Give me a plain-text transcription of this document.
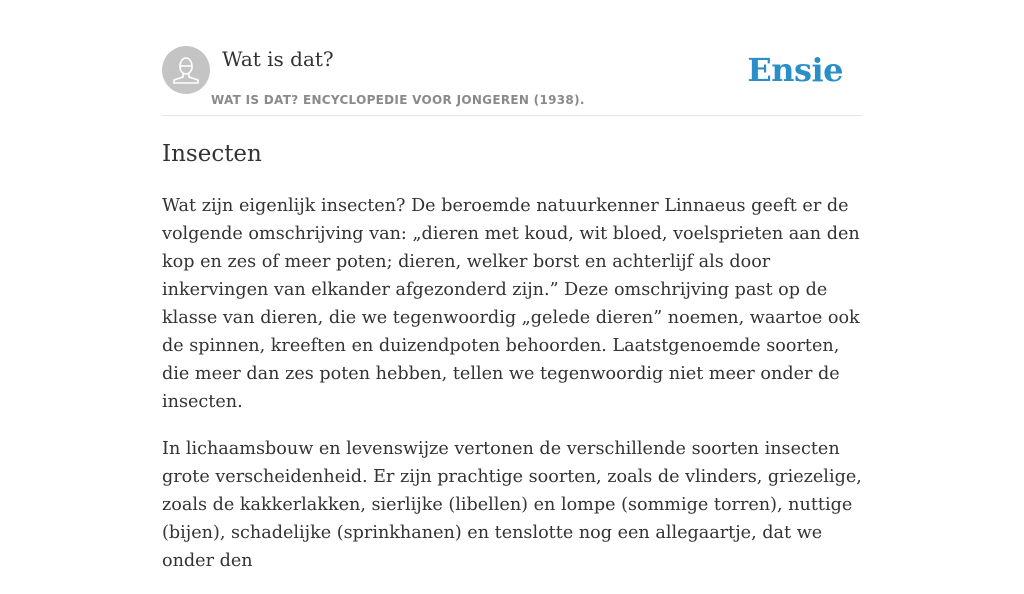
Wat is dat?
WAT IS DAT? ENCYCLOPEDIE VOOR JONGEREN (1938).
Ensie
Insecten

Wat zijn eigenlijk insecten? De beroemde natuurkenner Linnaeus geeft er de volgende omschrijving van: „dieren met koud, wit bloed, voelsprieten aan den kop en zes of meer poten; dieren, welker borst en achterlijf als door inkervingen van elkander afgezonderd zijn.” Deze omschrijving past op de klasse van dieren, die we tegenwoordig „gelede dieren” noemen, waartoe ook de spinnen, kreeften en duizendpoten behoorden. Laatstgenoemde soorten, die meer dan zes poten hebben, tellen we tegenwoordig niet meer onder de insecten.

In lichaamsbouw en levenswijze vertonen de verschillende soorten insecten grote verscheidenheid. Er zijn prachtige soorten, zoals de vlinders, griezelige, zoals de kakkerlakken, sierlijke (libellen) en lompe (sommige torren), nuttige (bijen), schadelijke (sprinkhanen) en tenslotte nog een allegaartje, dat we onder den
